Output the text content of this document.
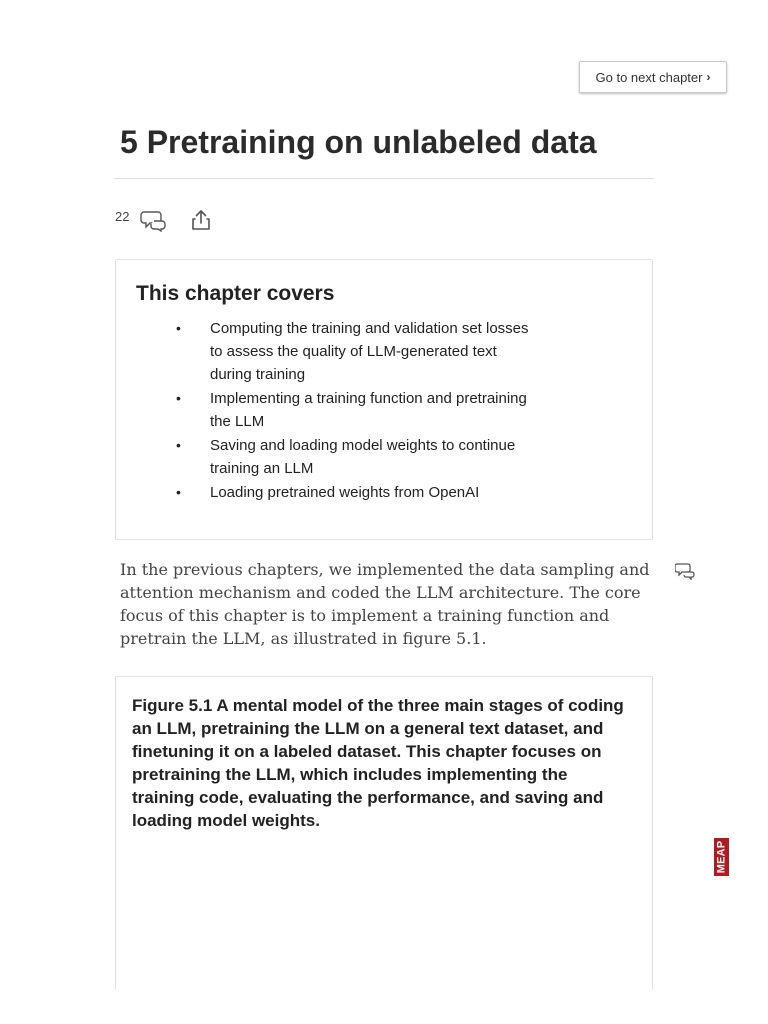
Go to next chapter ›
5 Pretraining on unlabeled data
22
This chapter covers
• Computing the training and validation set losses to assess the quality of LLM-generated text during training
• Implementing a training function and pretraining the LLM
• Saving and loading model weights to continue training an LLM
• Loading pretrained weights from OpenAI

In the previous chapters, we implemented the data sampling and attention mechanism and coded the LLM architecture. The core focus of this chapter is to implement a training function and pretrain the LLM, as illustrated in figure 5.1.

Figure 5.1 A mental model of the three main stages of coding an LLM, pretraining the LLM on a general text dataset, and finetuning it on a labeled dataset. This chapter focuses on pretraining the LLM, which includes implementing the training code, evaluating the performance, and saving and loading model weights.

MEAP
